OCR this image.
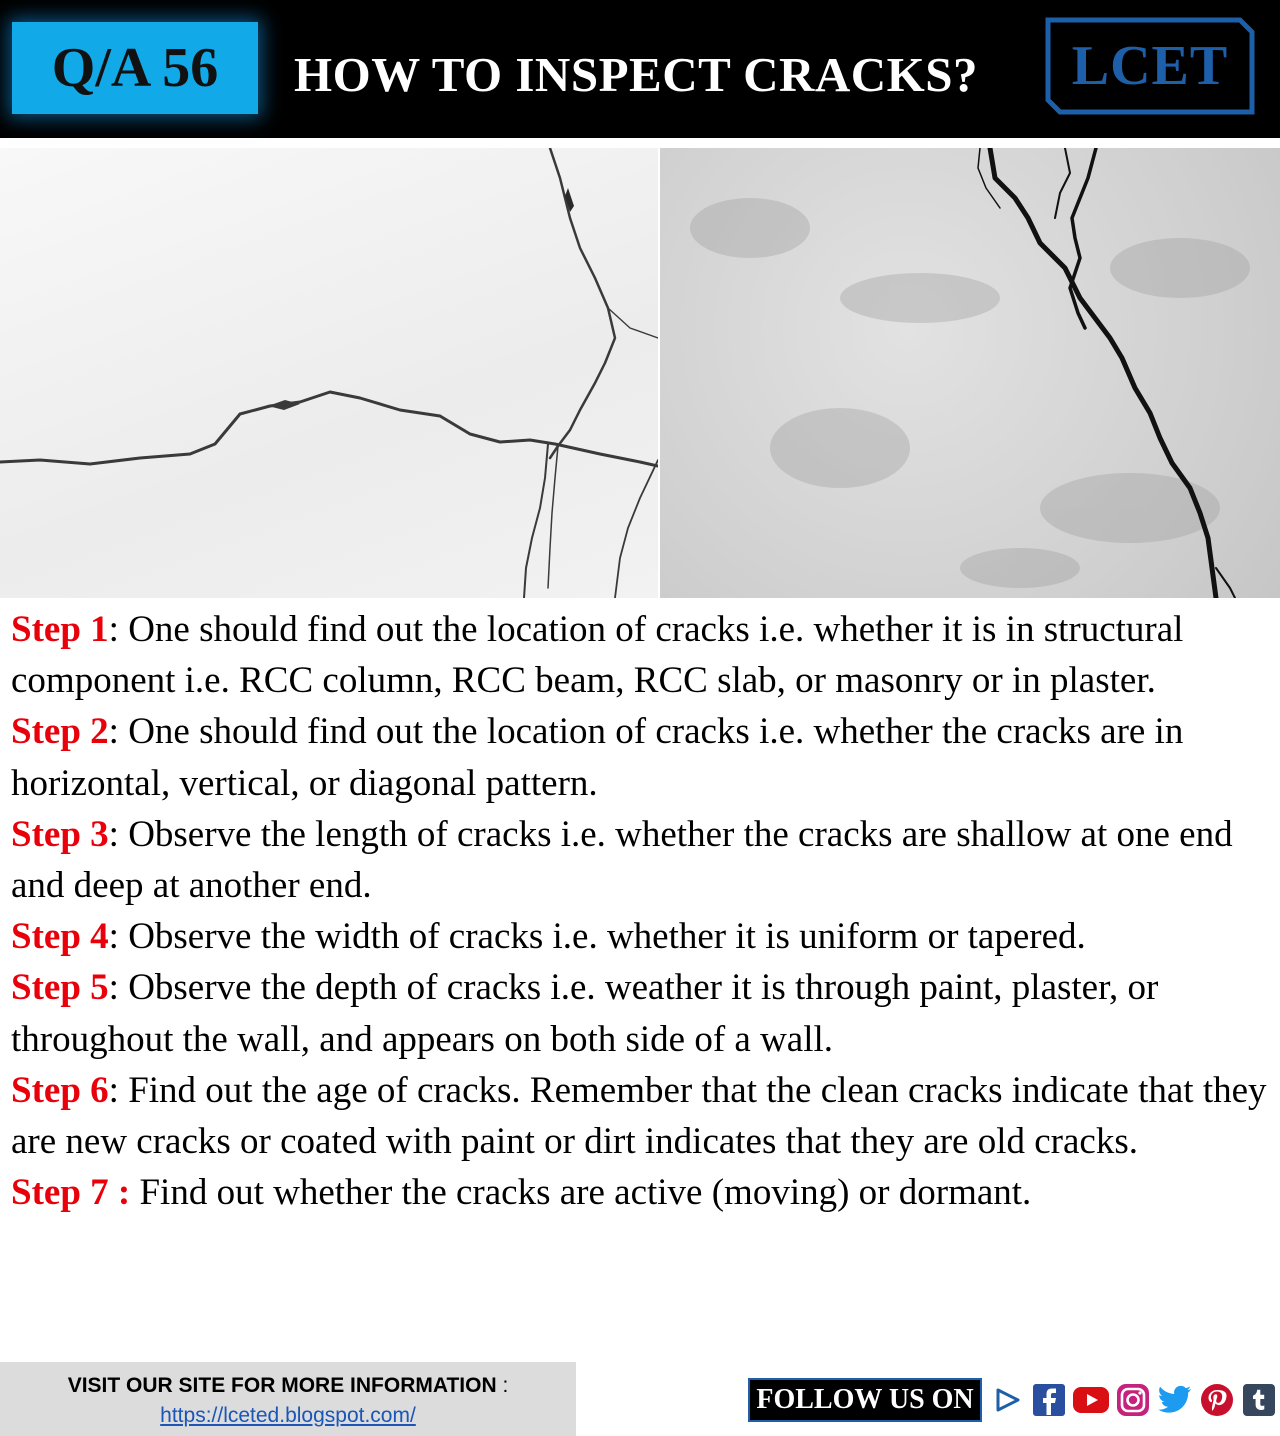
Q/A 56	HOW TO INSPECT CRACKS?	LCET

Step 1: One should find out the location of cracks i.e. whether it is in structural component i.e. RCC column, RCC beam, RCC slab, or masonry or in plaster.

Step 2: One should find out the location of cracks i.e. whether the cracks are in horizontal, vertical, or diagonal pattern.

Step 3: Observe the length of cracks i.e. whether the cracks are shallow at one end and deep at another end.

Step 4: Observe the width of cracks i.e. whether it is uniform or tapered.

Step 5: Observe the depth of cracks i.e. weather it is through paint, plaster, or throughout the wall, and appears on both side of a wall.

Step 6: Find out the age of cracks. Remember that the clean cracks indicate that they are new cracks or coated with paint or dirt indicates that they are old cracks.

Step 7 : Find out whether the cracks are active (moving) or dormant.

VISIT OUR SITE FOR MORE INFORMATION :
https://lceted.blogspot.com/
FOLLOW US ON
